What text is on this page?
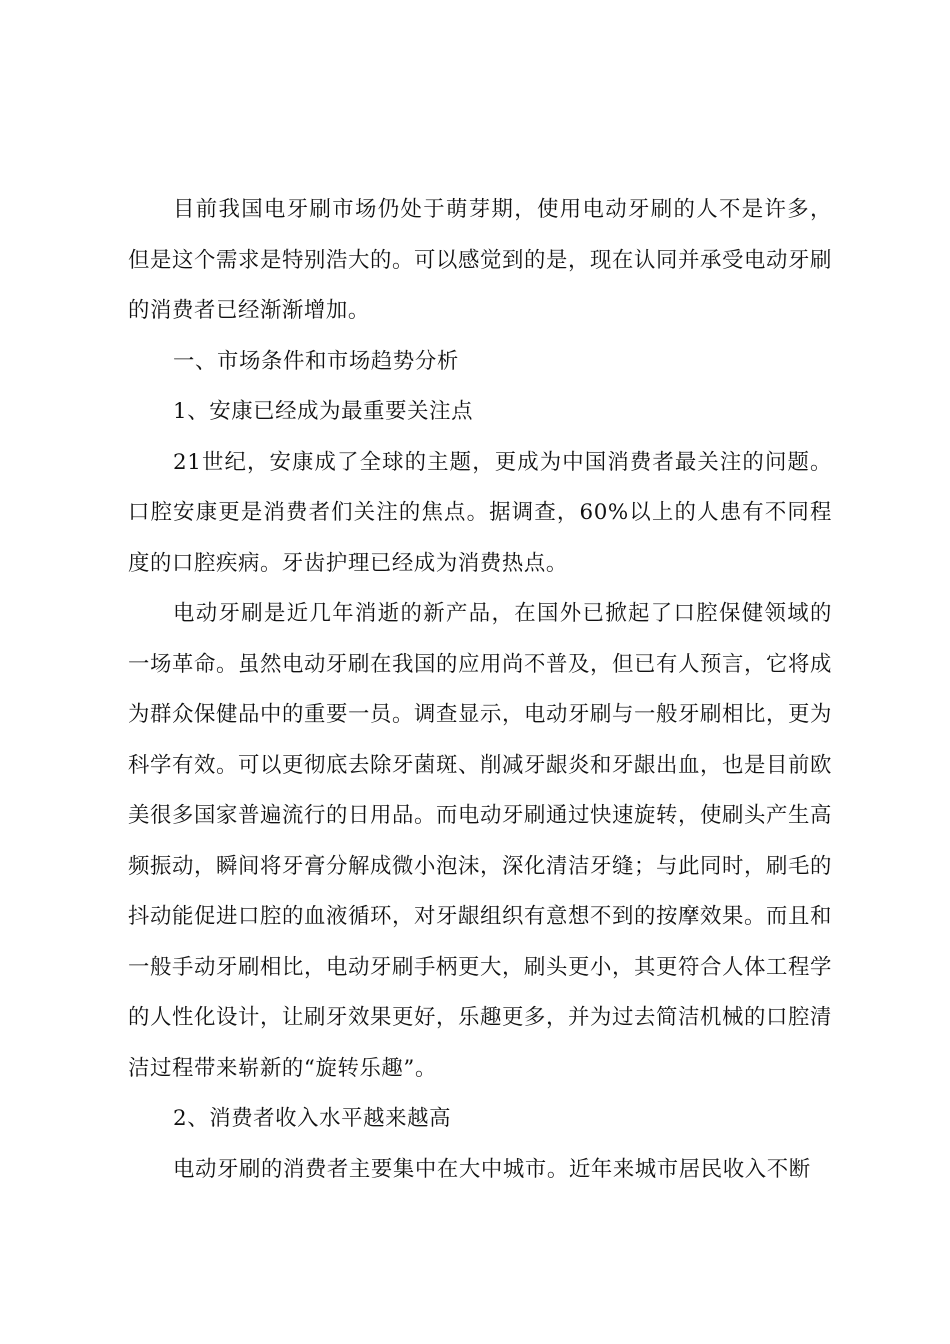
目前我国电牙刷市场仍处于萌芽期，使用电动牙刷的人不是许多，但是这个需求是特别浩大的。可以感觉到的是，现在认同并承受电动牙刷的消费者已经渐渐增加。

一、市场条件和市场趋势分析

1、安康已经成为最重要关注点

21世纪，安康成了全球的主题，更成为中国消费者最关注的问题。口腔安康更是消费者们关注的焦点。据调查，60%以上的人患有不同程度的口腔疾病。牙齿护理已经成为消费热点。

电动牙刷是近几年消逝的新产品，在国外已掀起了口腔保健领域的一场革命。虽然电动牙刷在我国的应用尚不普及，但已有人预言，它将成为群众保健品中的重要一员。调查显示，电动牙刷与一般牙刷相比，更为科学有效。可以更彻底去除牙菌斑、削减牙龈炎和牙龈出血，也是目前欧美很多国家普遍流行的日用品。而电动牙刷通过快速旋转，使刷头产生高频振动，瞬间将牙膏分解成微小泡沫，深化清洁牙缝；与此同时，刷毛的抖动能促进口腔的血液循环，对牙龈组织有意想不到的按摩效果。而且和一般手动牙刷相比，电动牙刷手柄更大，刷头更小，其更符合人体工程学的人性化设计，让刷牙效果更好，乐趣更多，并为过去简洁机械的口腔清洁过程带来崭新的“旋转乐趣”。

2、消费者收入水平越来越高

电动牙刷的消费者主要集中在大中城市。近年来城市居民收入不断
